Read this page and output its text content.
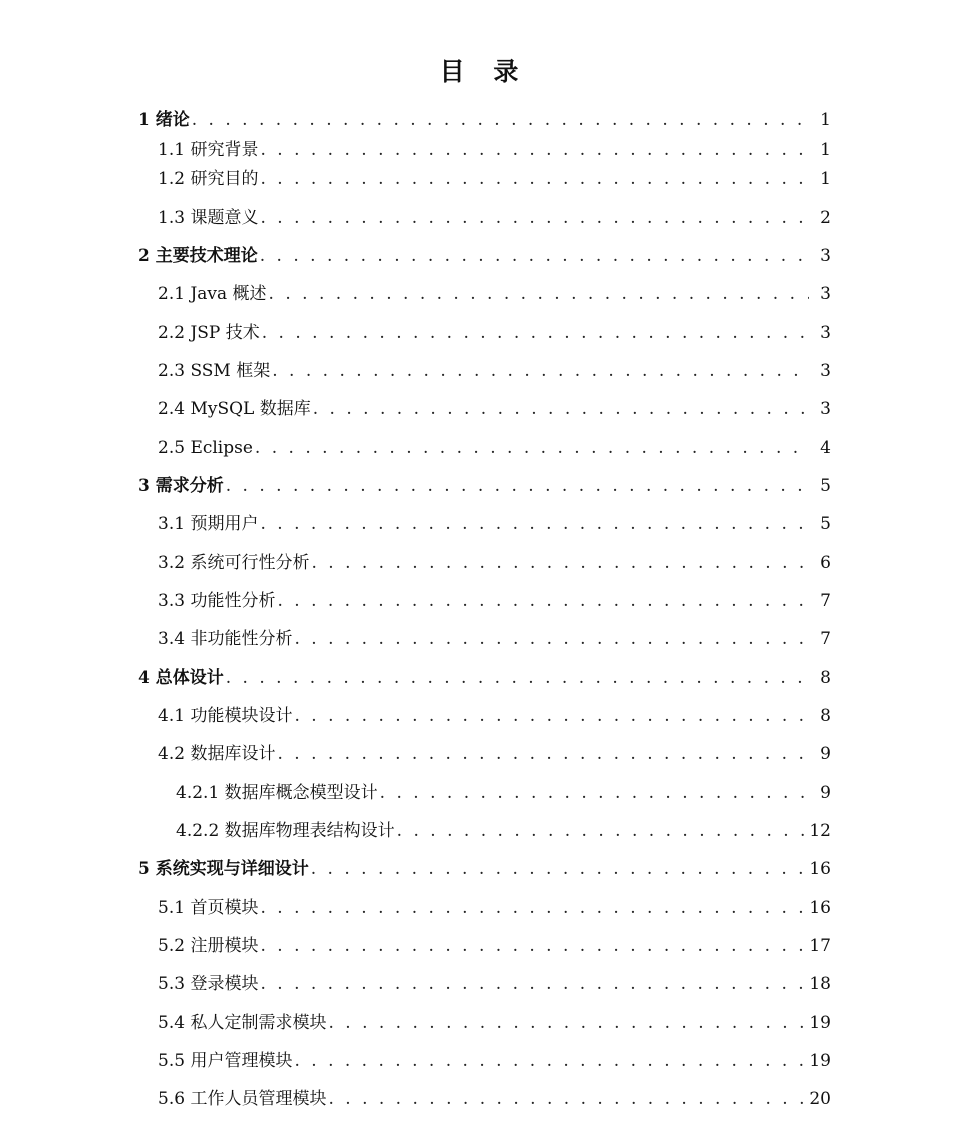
目 录
1 绪论 . . .	1
1.1 研究背景 . . .	1
1.2 研究目的 . . .	1
1.3 课题意义 . . .	2
2 主要技术理论 . . .	3
2.1 Java 概述 . . .	3
2.2 JSP 技术 . . .	3
2.3 SSM 框架 . . .	3
2.4 MySQL 数据库 . . .	3
2.5 Eclipse . . .	4
3 需求分析 . . .	5
3.1 预期用户 . . .	5
3.2 系统可行性分析 . . .	6
3.3 功能性分析 . . .	7
3.4 非功能性分析 . . .	7
4 总体设计 . . .	8
4.1 功能模块设计 . . .	8
4.2 数据库设计 . . .	9
4.2.1 数据库概念模型设计 . . .	9
4.2.2 数据库物理表结构设计 . . .	12
5 系统实现与详细设计 . . .	16
5.1 首页模块 . . .	16
5.2 注册模块 . . .	17
5.3 登录模块 . . .	18
5.4 私人定制需求模块 . . .	19
5.5 用户管理模块 . . .	19
5.6 工作人员管理模块 . . .	20
